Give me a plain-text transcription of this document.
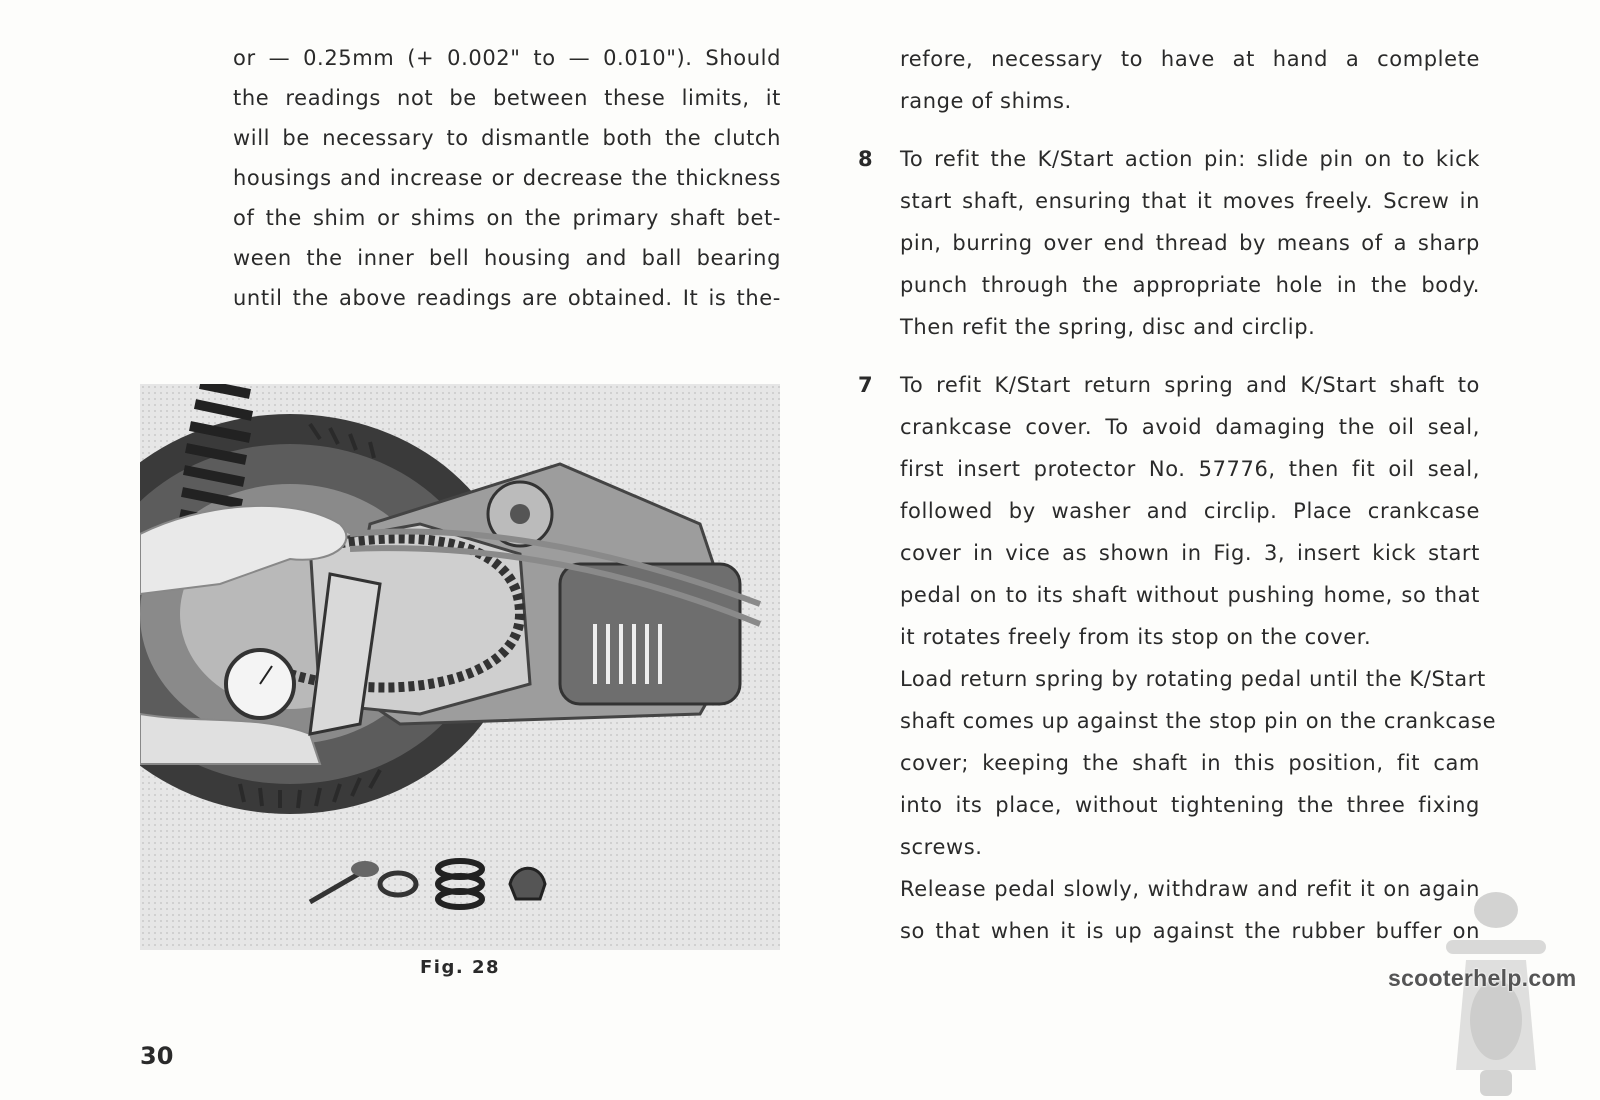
or — 0.25mm (+ 0.002" to — 0.010"). Should
the readings not be between these limits, it
will be necessary to dismantle both the clutch
housings and increase or decrease the thickness
of the shim or shims on the primary shaft bet-
ween the inner bell housing and ball bearing
until the above readings are obtained. It is the-
Fig. 28
refore, necessary to have at hand a complete
range of shims.
8	To refit the K/Start action pin: slide pin on to kick
start shaft, ensuring that it moves freely. Screw in
pin, burring over end thread by means of a sharp
punch through the appropriate hole in the body.
Then refit the spring, disc and circlip.
7	To refit K/Start return spring and K/Start shaft to
crankcase cover. To avoid damaging the oil seal,
first insert protector No. 57776, then fit oil seal,
followed by washer and circlip. Place crankcase
cover in vice as shown in Fig. 3, insert kick start
pedal on to its shaft without pushing home, so that
it rotates freely from its stop on the cover.
Load return spring by rotating pedal until the K/Start
shaft comes up against the stop pin on the crankcase
cover; keeping the shaft in this position, fit cam
into its place, without tightening the three fixing
screws.
Release pedal slowly, withdraw and refit it on again
so that when it is up against the rubber buffer on
30
scooterhelp.com
